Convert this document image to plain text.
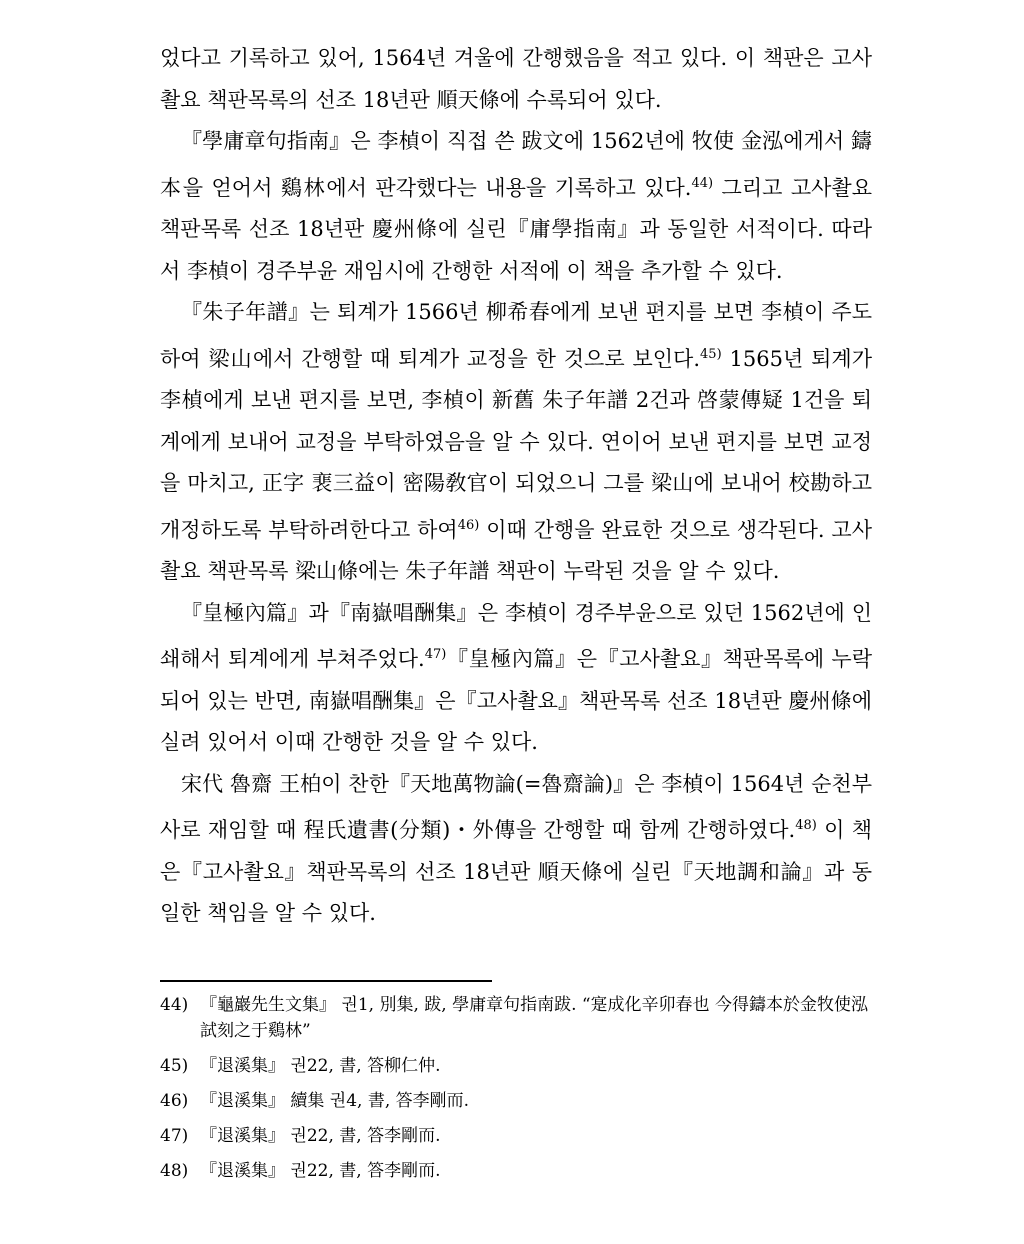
었다고 기록하고 있어, 1564년 겨울에 간행했음을 적고 있다. 이 책판은 고사촬요 책판목록의 선조 18년판 順天條에 수록되어 있다.

『學庸章句指南』은 李楨이 직접 쓴 跋文에 1562년에 牧使 金泓에게서 鑄本을 얻어서 鷄林에서 판각했다는 내용을 기록하고 있다.$^{44)}$ 그리고 고사촬요 책판목록 선조 18년판 慶州條에 실린『庸學指南』과 동일한 서적이다. 따라서 李楨이 경주부윤 재임시에 간행한 서적에 이 책을 추가할 수 있다.

『朱子年譜』는 퇴계가 1566년 柳希春에게 보낸 편지를 보면 李楨이 주도하여 梁山에서 간행할 때 퇴계가 교정을 한 것으로 보인다.$^{45)}$ 1565년 퇴계가 李楨에게 보낸 편지를 보면, 李楨이 新舊 朱子年譜 2건과 啓蒙傳疑 1건을 퇴계에게 보내어 교정을 부탁하였음을 알 수 있다. 연이어 보낸 편지를 보면 교정을 마치고, 正字 裵三益이 密陽敎官이 되었으니 그를 梁山에 보내어 校勘하고 개정하도록 부탁하려한다고 하여$^{46)}$ 이때 간행을 완료한 것으로 생각된다. 고사촬요 책판목록 梁山條에는 朱子年譜 책판이 누락된 것을 알 수 있다.

『皇極內篇』과『南嶽唱酬集』은 李楨이 경주부윤으로 있던 1562년에 인쇄해서 퇴계에게 부쳐주었다.$^{47)}$『皇極內篇』은『고사촬요』책판목록에 누락되어 있는 반면, 南嶽唱酬集』은『고사촬요』책판목록 선조 18년판 慶州條에 실려 있어서 이때 간행한 것을 알 수 있다.

宋代 魯齋 王柏이 찬한『天地萬物論(=魯齋論)』은 李楨이 1564년 순천부사로 재임할 때 程氏遺書(分類)・外傳을 간행할 때 함께 간행하였다.$^{48)}$ 이 책은『고사촬요』책판목록의 선조 18년판 順天條에 실린『天地調和論』과 동일한 책임을 알 수 있다.

44) 『龜巖先生文集』 권1, 別集, 跋, 學庸章句指南跋. “寔成化辛卯春也 今得鑄本於金牧使泓 試刻之于鷄林”
45) 『退溪集』 권22, 書, 答柳仁仲.
46) 『退溪集』 續集 권4, 書, 答李剛而.
47) 『退溪集』 권22, 書, 答李剛而.
48) 『退溪集』 권22, 書, 答李剛而.
